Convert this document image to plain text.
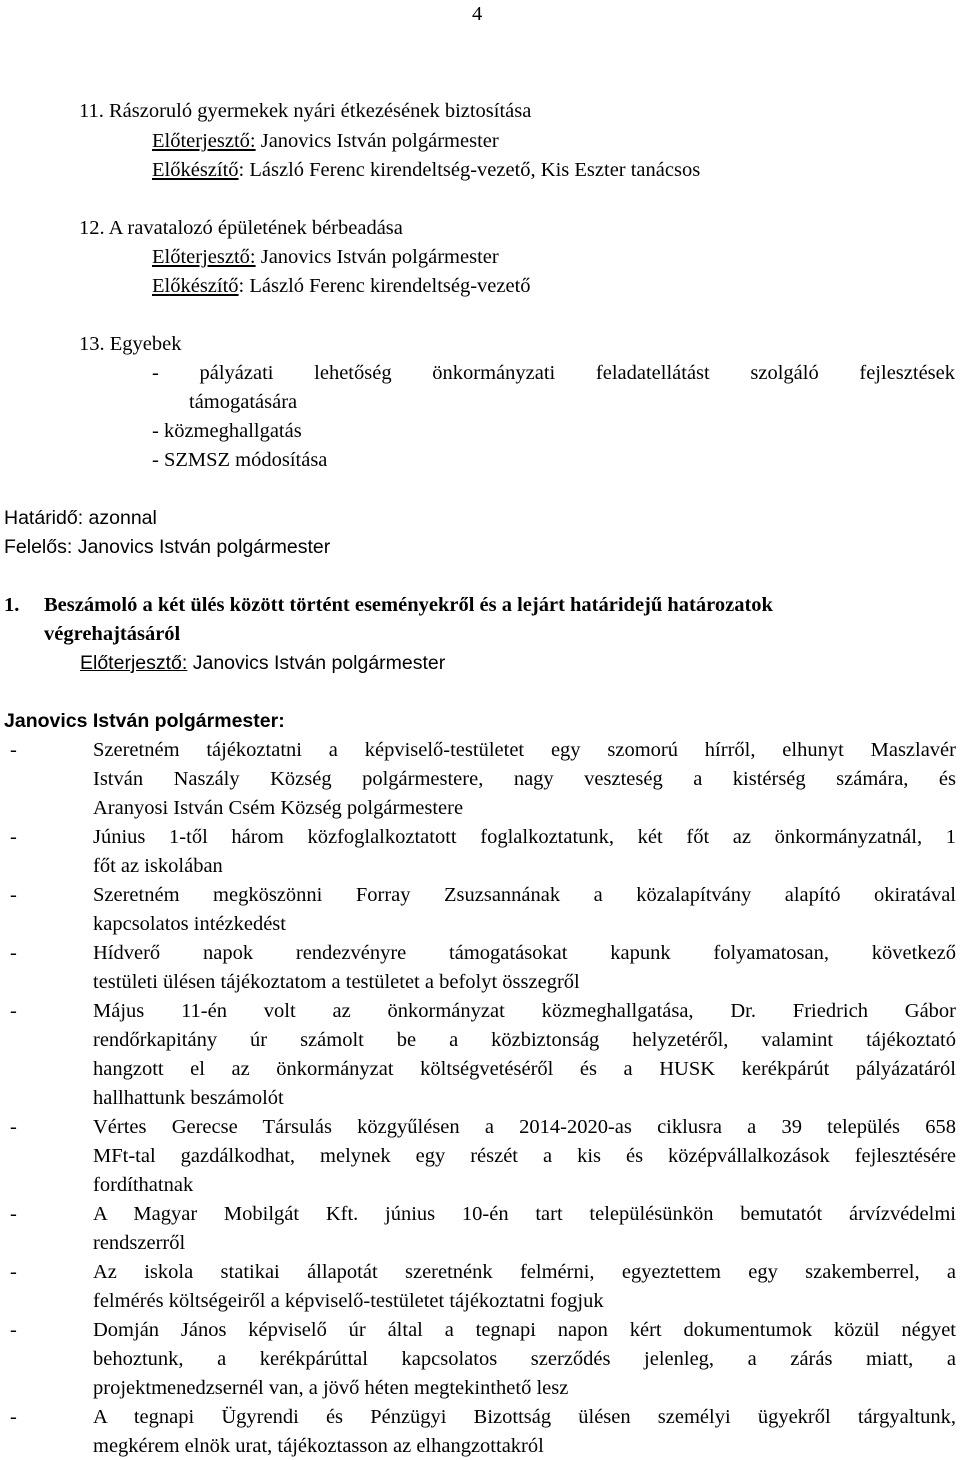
4
11. Rászoruló gyermekek nyári étkezésének biztosítása
Előterjesztő: Janovics István polgármester
Előkészítő: László Ferenc kirendeltség-vezető, Kis Eszter tanácsos
12. A ravatalozó épületének bérbeadása
Előterjesztő: Janovics István polgármester
Előkészítő: László Ferenc kirendeltség-vezető
13. Egyebek
- pályázati lehetőség önkormányzati feladatellátást szolgáló fejlesztések
támogatására
- közmeghallgatás
- SZMSZ módosítása
Határidő: azonnal
Felelős: Janovics István polgármester
1. Beszámoló a két ülés között történt eseményekről és a lejárt határidejű határozatok
végrehajtásáról
Előterjesztő: Janovics István polgármester
Janovics István polgármester:
-	Szeretném tájékoztatni a képviselő-testületet egy szomorú hírről, elhunyt Maszlavér
István Naszály Község polgármestere, nagy veszteség a kistérség számára, és
Aranyosi István Csém Község polgármestere
-	Június 1-től három közfoglalkoztatott foglalkoztatunk, két főt az önkormányzatnál, 1
főt az iskolában
-	Szeretném megköszönni Forray Zsuzsannának a közalapítvány alapító okiratával
kapcsolatos intézkedést
-	Hídverő napok rendezvényre támogatásokat kapunk folyamatosan, következő
testületi ülésen tájékoztatom a testületet a befolyt összegről
-	Május 11-én volt az önkormányzat közmeghallgatása, Dr. Friedrich Gábor
rendőrkapitány úr számolt be a közbiztonság helyzetéről, valamint tájékoztató
hangzott el az önkormányzat költségvetéséről és a HUSK kerékpárút pályázatáról
hallhattunk beszámolót
-	Vértes Gerecse Társulás közgyűlésen a 2014-2020-as ciklusra a 39 település 658
MFt-tal gazdálkodhat, melynek egy részét a kis és középvállalkozások fejlesztésére
fordíthatnak
-	A Magyar Mobilgát Kft. június 10-én tart településünkön bemutatót árvízvédelmi
rendszerről
-	Az iskola statikai állapotát szeretnénk felmérni, egyeztettem egy szakemberrel, a
felmérés költségeiről a képviselő-testületet tájékoztatni fogjuk
-	Domján János képviselő úr által a tegnapi napon kért dokumentumok közül négyet
behoztunk, a kerékpárúttal kapcsolatos szerződés jelenleg, a zárás miatt, a
projektmenedzsernél van, a jövő héten megtekinthető lesz
-	A tegnapi Ügyrendi és Pénzügyi Bizottság ülésen személyi ügyekről tárgyaltunk,
megkérem elnök urat, tájékoztasson az elhangzottakról
